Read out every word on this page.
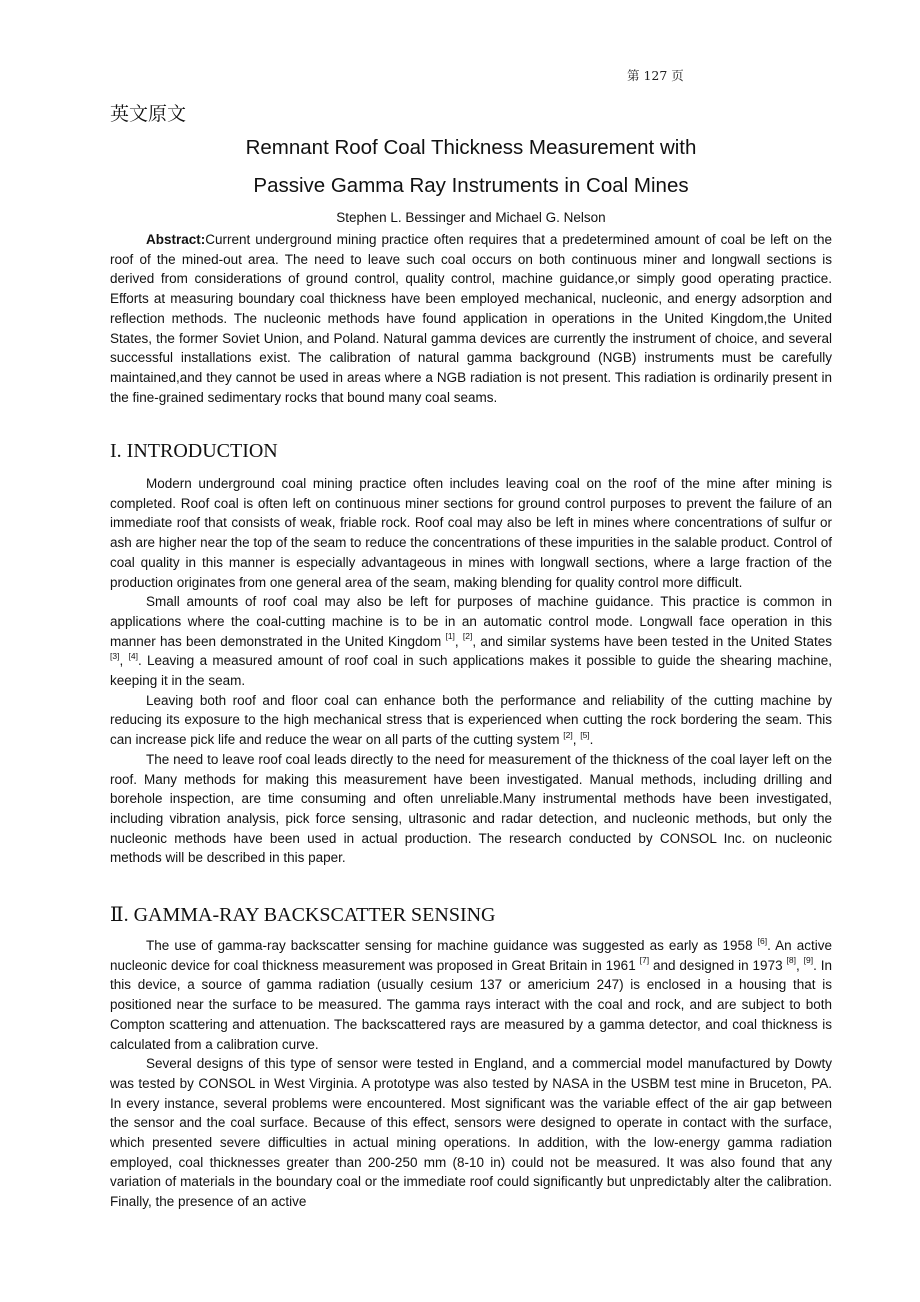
第 127 页
英文原文
Remnant Roof Coal Thickness Measurement with
Passive Gamma Ray Instruments in Coal Mines
Stephen L. Bessinger and Michael G. Nelson

Abstract:Current underground mining practice often requires that a predetermined amount of coal be left on the roof of the mined-out area. The need to leave such coal occurs on both continuous miner and longwall sections is derived from considerations of ground control, quality control, machine guidance,or simply good operating practice. Efforts at measuring boundary coal thickness have been employed mechanical, nucleonic, and energy adsorption and reflection methods. The nucleonic methods have found application in operations in the United Kingdom,the United States, the former Soviet Union, and Poland. Natural gamma devices are currently the instrument of choice, and several successful installations exist. The calibration of natural gamma background (NGB) instruments must be carefully maintained,and they cannot be used in areas where a NGB radiation is not present. This radiation is ordinarily present in the fine-grained sedimentary rocks that bound many coal seams.

I. INTRODUCTION

Modern underground coal mining practice often includes leaving coal on the roof of the mine after mining is completed. Roof coal is often left on continuous miner sections for ground control purposes to prevent the failure of an immediate roof that consists of weak, friable rock. Roof coal may also be left in mines where concentrations of sulfur or ash are higher near the top of the seam to reduce the concentrations of these impurities in the salable product. Control of coal quality in this manner is especially advantageous in mines with longwall sections, where a large fraction of the production originates from one general area of the seam, making blending for quality control more difficult.

Small amounts of roof coal may also be left for purposes of machine guidance. This practice is common in applications where the coal-cutting machine is to be in an automatic control mode. Longwall face operation in this manner has been demonstrated in the United Kingdom [1], [2], and similar systems have been tested in the United States [3], [4]. Leaving a measured amount of roof coal in such applications makes it possible to guide the shearing machine, keeping it in the seam.

Leaving both roof and floor coal can enhance both the performance and reliability of the cutting machine by reducing its exposure to the high mechanical stress that is experienced when cutting the rock bordering the seam. This can increase pick life and reduce the wear on all parts of the cutting system [2], [5].

The need to leave roof coal leads directly to the need for measurement of the thickness of the coal layer left on the roof. Many methods for making this measurement have been investigated. Manual methods, including drilling and borehole inspection, are time consuming and often unreliable.Many instrumental methods have been investigated, including vibration analysis, pick force sensing, ultrasonic and radar detection, and nucleonic methods, but only the nucleonic methods have been used in actual production. The research conducted by CONSOL Inc. on nucleonic methods will be described in this paper.

Ⅱ. GAMMA-RAY BACKSCATTER SENSING

The use of gamma-ray backscatter sensing for machine guidance was suggested as early as 1958 [6]. An active nucleonic device for coal thickness measurement was proposed in Great Britain in 1961 [7] and designed in 1973 [8], [9]. In this device, a source of gamma radiation (usually cesium 137 or americium 247) is enclosed in a housing that is positioned near the surface to be measured. The gamma rays interact with the coal and rock, and are subject to both Compton scattering and attenuation. The backscattered rays are measured by a gamma detector, and coal thickness is calculated from a calibration curve.

Several designs of this type of sensor were tested in England, and a commercial model manufactured by Dowty was tested by CONSOL in West Virginia. A prototype was also tested by NASA in the USBM test mine in Bruceton, PA. In every instance, several problems were encountered. Most significant was the variable effect of the air gap between the sensor and the coal surface. Because of this effect, sensors were designed to operate in contact with the surface, which presented severe difficulties in actual mining operations. In addition, with the low-energy gamma radiation employed, coal thicknesses greater than 200-250 mm (8-10 in) could not be measured. It was also found that any variation of materials in the boundary coal or the immediate roof could significantly but unpredictably alter the calibration. Finally, the presence of an active
